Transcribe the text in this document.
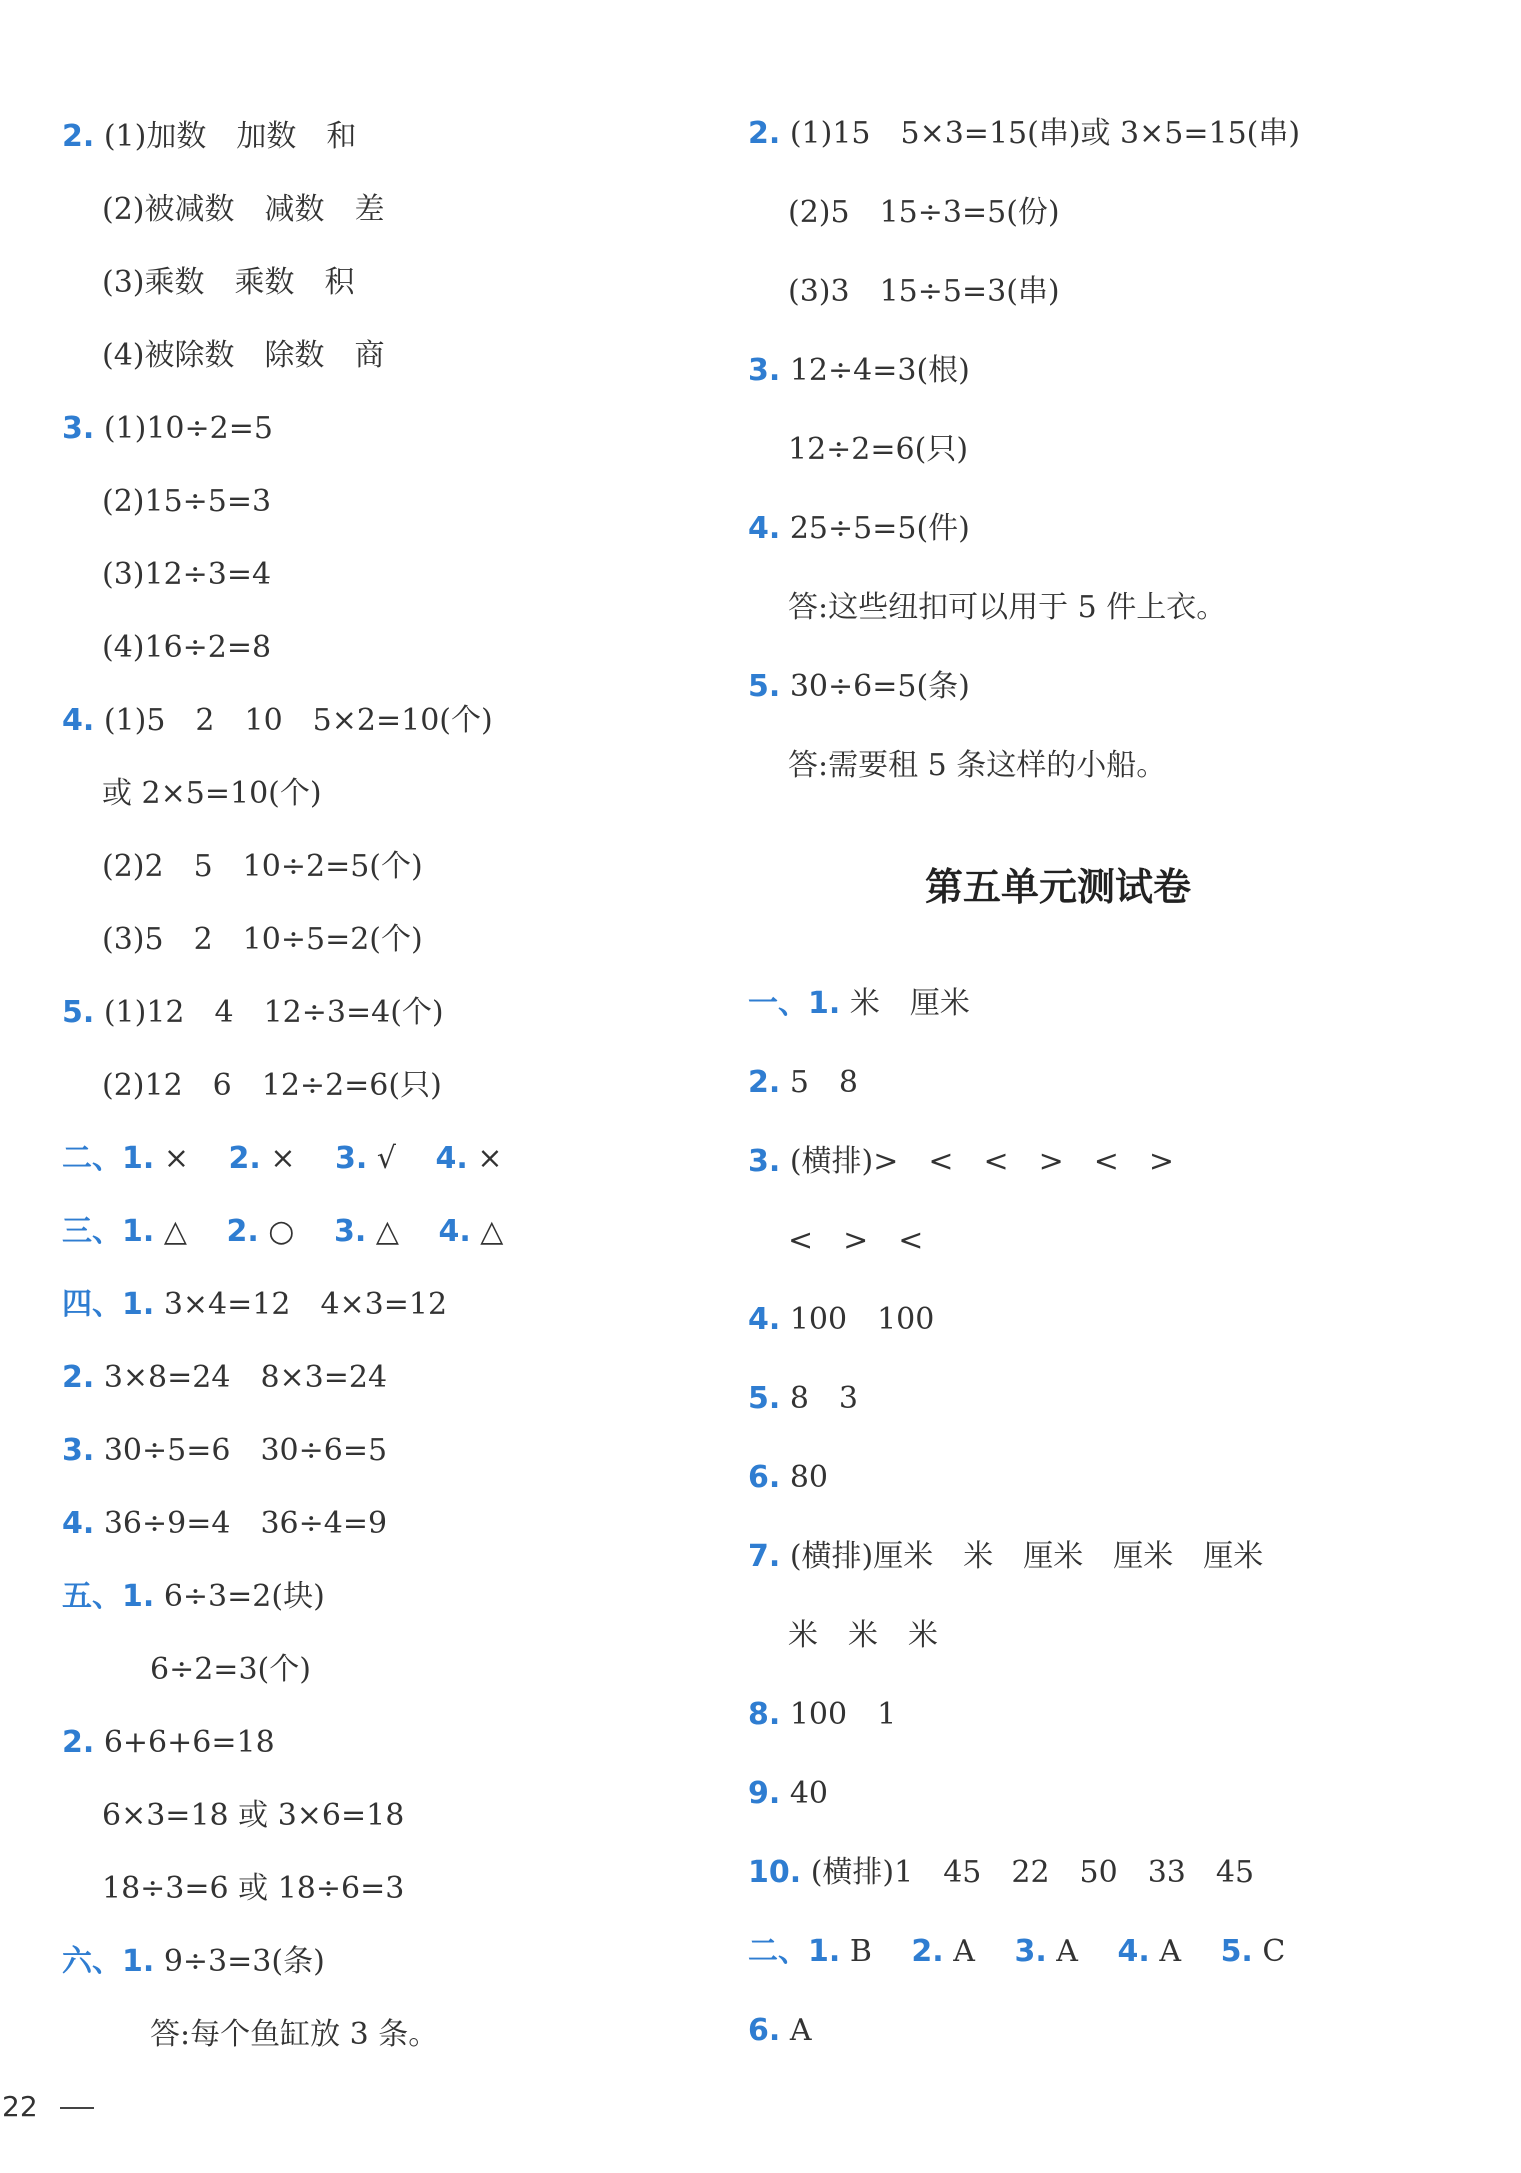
2. (1)加数　加数　和
(2)被减数　减数　差
(3)乘数　乘数　积
(4)被除数　除数　商
3. (1)10÷2=5
(2)15÷5=3
(3)12÷3=4
(4)16÷2=8
4. (1)5　2　10　5×2=10(个)
或 2×5=10(个)
(2)2　5　10÷2=5(个)
(3)5　2　10÷5=2(个)
5. (1)12　4　12÷3=4(个)
(2)12　6　12÷2=6(只)
二、1. ×　 2. ×　 3. √　 4. ×
三、1. △　 2. ○　 3. △　 4. △
四、1. 3×4=12　4×3=12
2. 3×8=24　8×3=24
3. 30÷5=6　30÷6=5
4. 36÷9=4　36÷4=9
五、1. 6÷3=2(块)
6÷2=3(个)
2. 6+6+6=18
6×3=18 或 3×6=18
18÷3=6 或 18÷6=3
六、1. 9÷3=3(条)
答:每个鱼缸放 3 条。
2. (1)15　5×3=15(串)或 3×5=15(串)
(2)5　15÷3=5(份)
(3)3　15÷5=3(串)
3. 12÷4=3(根)
12÷2=6(只)
4. 25÷5=5(件)
答:这些纽扣可以用于 5 件上衣。
5. 30÷6=5(条)
答:需要租 5 条这样的小船。
第五单元测试卷
一、1. 米　厘米
2. 5　8
3. (横排)>　<　<　>　<　>
<　>　<
4. 100　100
5. 8　3
6. 80
7. (横排)厘米　米　厘米　厘米　厘米
米　米　米
8. 100　1
9. 40
10. (横排)1　45　22　50　33　45
二、1. B　 2. A　 3. A　 4. A　 5. C
6. A
22
